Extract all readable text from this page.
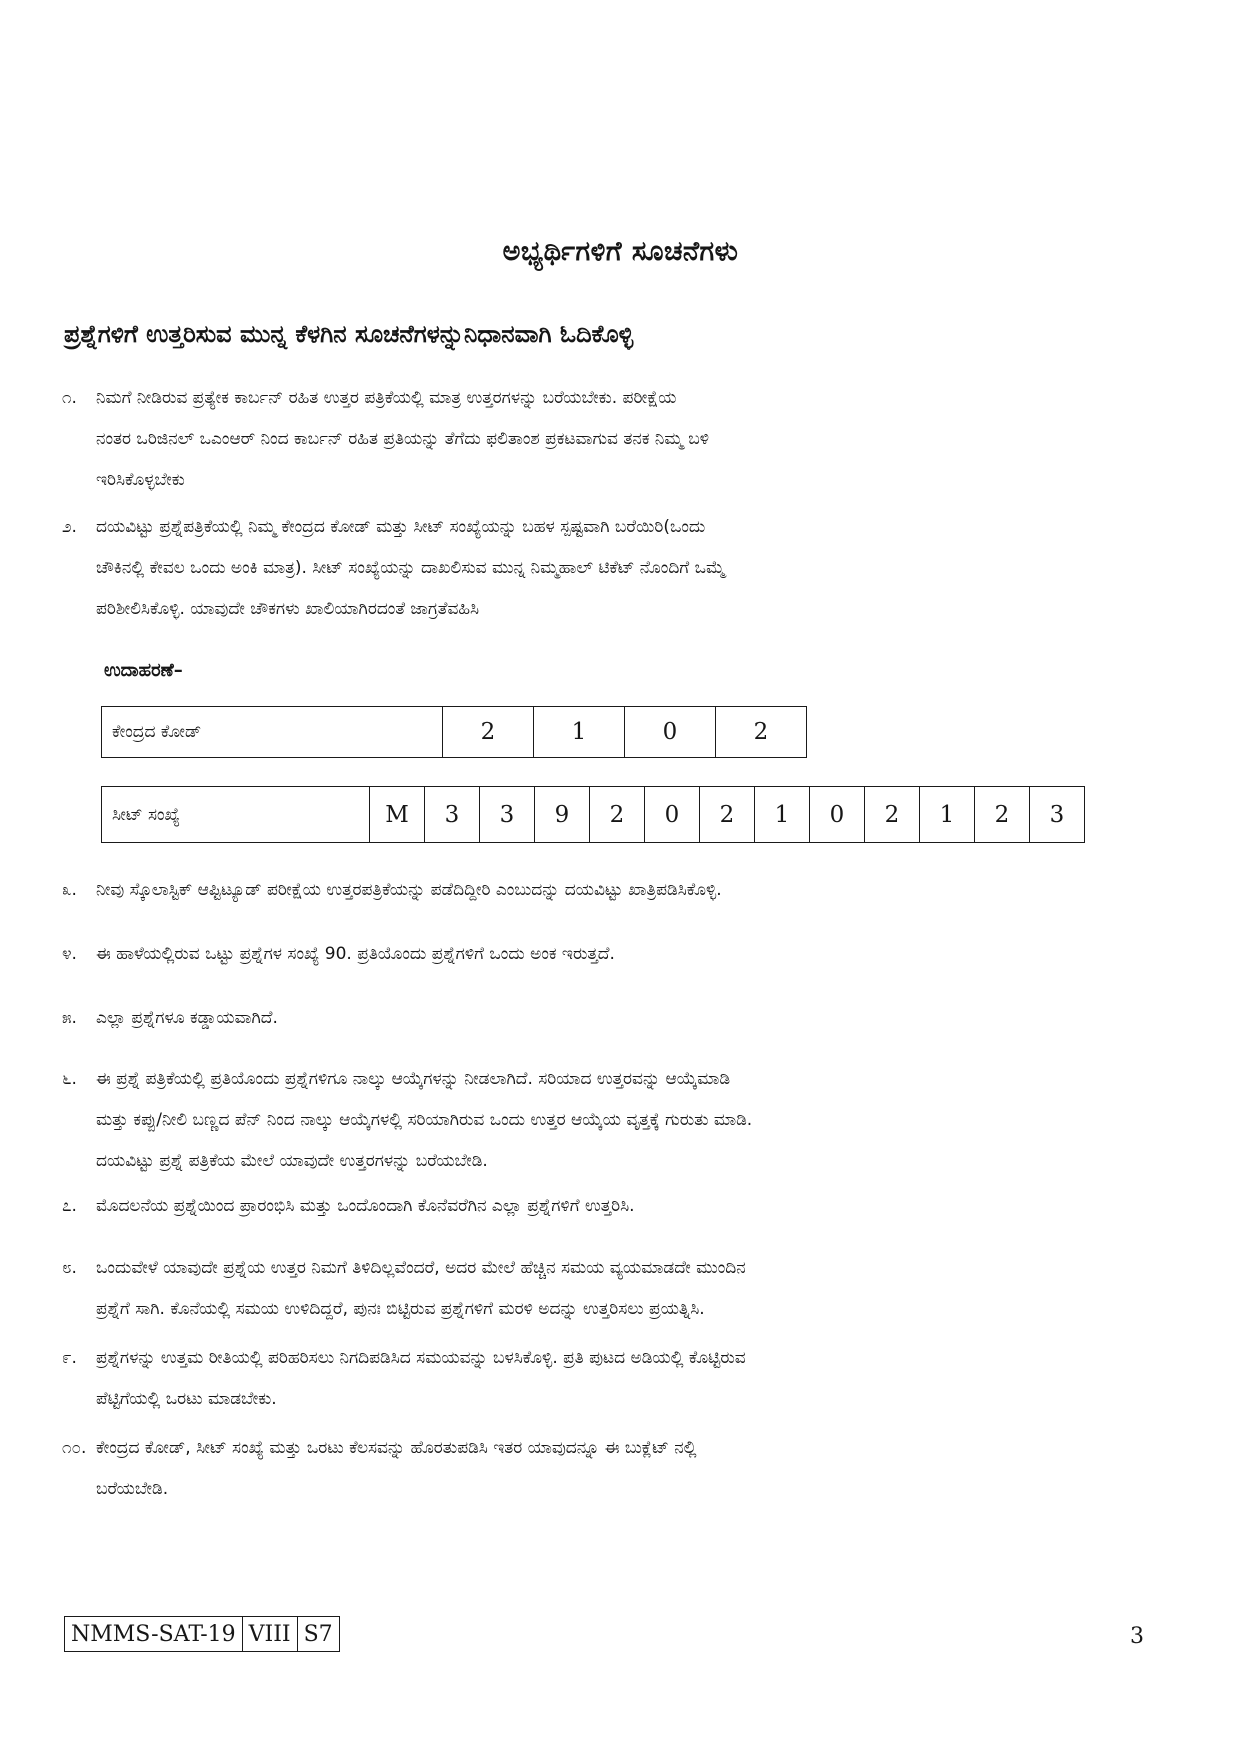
ಅಭ್ಯರ್ಥಿಗಳಿಗೆ ಸೂಚನೆಗಳು
ಪ್ರಶ್ನೆಗಳಿಗೆ ಉತ್ತರಿಸುವ ಮುನ್ನ ಕೆಳಗಿನ ಸೂಚನೆಗಳನ್ನುನಿಧಾನವಾಗಿ ಓದಿಕೊಳ್ಳಿ
೧. ನಿಮಗೆ ನೀಡಿರುವ ಪ್ರತ್ಯೇಕ ಕಾರ್ಬನ್ ರಹಿತ ಉತ್ತರ ಪತ್ರಿಕೆಯಲ್ಲಿ ಮಾತ್ರ ಉತ್ತರಗಳನ್ನು ಬರೆಯಬೇಕು. ಪರೀಕ್ಷೆಯ
ನಂತರ ಒರಿಜಿನಲ್ ಒಎಂಆರ್ ನಿಂದ ಕಾರ್ಬನ್ ರಹಿತ ಪ್ರತಿಯನ್ನು ತೆಗೆದು ಫಲಿತಾಂಶ ಪ್ರಕಟವಾಗುವ ತನಕ ನಿಮ್ಮ ಬಳಿ
ಇರಿಸಿಕೊಳ್ಳಬೇಕು
೨. ದಯವಿಟ್ಟು ಪ್ರಶ್ನೆಪತ್ರಿಕೆಯಲ್ಲಿ ನಿಮ್ಮ ಕೇಂದ್ರದ ಕೋಡ್ ಮತ್ತು ಸೀಟ್ ಸಂಖ್ಯೆಯನ್ನು ಬಹಳ ಸ್ಪಷ್ಟವಾಗಿ ಬರೆಯಿರಿ(ಒಂದು
ಚೌಕಿನಲ್ಲಿ ಕೇವಲ ಒಂದು ಅಂಕಿ ಮಾತ್ರ). ಸೀಟ್ ಸಂಖ್ಯೆಯನ್ನು ದಾಖಲಿಸುವ ಮುನ್ನ ನಿಮ್ಮಹಾಲ್ ಟಿಕೆಟ್ ನೊಂದಿಗೆ ಒಮ್ಮೆ
ಪರಿಶೀಲಿಸಿಕೊಳ್ಳಿ. ಯಾವುದೇ ಚೌಕಗಳು ಖಾಲಿಯಾಗಿರದಂತೆ ಜಾಗ್ರತೆವಹಿಸಿ
ಉದಾಹರಣೆ–
ಕೇಂದ್ರದ ಕೋಡ್	2	1	0	2
ಸೀಟ್ ಸಂಖ್ಯೆ	M	3	3	9	2	0	2	1	0	2	1	2	3
೩. ನೀವು ಸ್ಕೊಲಾಸ್ಟಿಕ್ ಆಪ್ಟಿಟ್ಯೂಡ್ ಪರೀಕ್ಷೆಯ ಉತ್ತರಪತ್ರಿಕೆಯನ್ನು ಪಡೆದಿದ್ದೀರಿ ಎಂಬುದನ್ನು ದಯವಿಟ್ಟು ಖಾತ್ರಿಪಡಿಸಿಕೊಳ್ಳಿ.
೪. ಈ ಹಾಳೆಯಲ್ಲಿರುವ ಒಟ್ಟು ಪ್ರಶ್ನೆಗಳ ಸಂಖ್ಯೆ 90. ಪ್ರತಿಯೊಂದು ಪ್ರಶ್ನೆಗಳಿಗೆ ಒಂದು ಅಂಕ ಇರುತ್ತದೆ.
೫. ಎಲ್ಲಾ ಪ್ರಶ್ನೆಗಳೂ ಕಡ್ಡಾಯವಾಗಿದೆ.
೬. ಈ ಪ್ರಶ್ನೆ ಪತ್ರಿಕೆಯಲ್ಲಿ ಪ್ರತಿಯೊಂದು ಪ್ರಶ್ನೆಗಳಿಗೂ ನಾಲ್ಕು ಆಯ್ಕೆಗಳನ್ನು ನೀಡಲಾಗಿದೆ. ಸರಿಯಾದ ಉತ್ತರವನ್ನು ಆಯ್ಕೆಮಾಡಿ
ಮತ್ತು ಕಪ್ಪು/ನೀಲಿ ಬಣ್ಣದ ಪೆನ್ ನಿಂದ ನಾಲ್ಕು ಆಯ್ಕೆಗಳಲ್ಲಿ ಸರಿಯಾಗಿರುವ ಒಂದು ಉತ್ತರ ಆಯ್ಕೆಯ ವೃತ್ತಕ್ಕೆ ಗುರುತು ಮಾಡಿ.
ದಯವಿಟ್ಟು ಪ್ರಶ್ನೆ ಪತ್ರಿಕೆಯ ಮೇಲೆ ಯಾವುದೇ ಉತ್ತರಗಳನ್ನು ಬರೆಯಬೇಡಿ.
೭. ಮೊದಲನೆಯ ಪ್ರಶ್ನೆಯಿಂದ ಪ್ರಾರಂಭಿಸಿ ಮತ್ತು ಒಂದೊಂದಾಗಿ ಕೊನೆವರೆಗಿನ ಎಲ್ಲಾ ಪ್ರಶ್ನೆಗಳಿಗೆ ಉತ್ತರಿಸಿ.
೮. ಒಂದುವೇಳೆ ಯಾವುದೇ ಪ್ರಶ್ನೆಯ ಉತ್ತರ ನಿಮಗೆ ತಿಳಿದಿಲ್ಲವೆಂದರೆ, ಅದರ ಮೇಲೆ ಹೆಚ್ಚಿನ ಸಮಯ ವ್ಯಯಮಾಡದೇ ಮುಂದಿನ
ಪ್ರಶ್ನೆಗೆ ಸಾಗಿ. ಕೊನೆಯಲ್ಲಿ ಸಮಯ ಉಳಿದಿದ್ದರೆ, ಪುನಃ ಬಿಟ್ಟಿರುವ ಪ್ರಶ್ನೆಗಳಿಗೆ ಮರಳಿ ಅದನ್ನು ಉತ್ತರಿಸಲು ಪ್ರಯತ್ನಿಸಿ.
೯. ಪ್ರಶ್ನೆಗಳನ್ನು ಉತ್ತಮ ರೀತಿಯಲ್ಲಿ ಪರಿಹರಿಸಲು ನಿಗದಿಪಡಿಸಿದ ಸಮಯವನ್ನು ಬಳಸಿಕೊಳ್ಳಿ. ಪ್ರತಿ ಪುಟದ ಅಡಿಯಲ್ಲಿ ಕೊಟ್ಟಿರುವ
ಪೆಟ್ಟಿಗೆಯಲ್ಲಿ ಒರಟು ಮಾಡಬೇಕು.
೧೦. ಕೇಂದ್ರದ ಕೋಡ್, ಸೀಟ್ ಸಂಖ್ಯೆ ಮತ್ತು ಒರಟು ಕೆಲಸವನ್ನು ಹೊರತುಪಡಿಸಿ ಇತರ ಯಾವುದನ್ನೂ ಈ ಬುಕ್ಲೆಟ್ ನಲ್ಲಿ
ಬರೆಯಬೇಡಿ.
NMMS-SAT-19	VIII	S7	3
